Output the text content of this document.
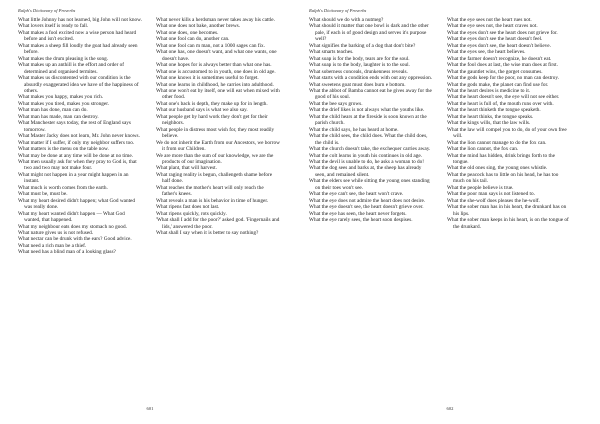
Ralph's Dictionary of Proverbs

What little Johnny has not learned, big John will not know.

What lovers itself is ready to fall.

What makes a fool excited now a wise person had heard before and isn't excited.

What makes a sheep fill loudly the goat had already seen before.

What makes the drum pleasing is the song.

What makes up an anthill is the effort and order of determined and organised termites.

What makes us discontented with our condition is the absurdly exaggerated idea we have of the happiness of others.

What makes you happy, makes you rich.

What makes you tired, makes you stronger.

What man has done, man can do.

What man has made, man can destroy.

What Manchester says today, the rest of England says tomorrow.

What Master Jacky does not learn, Mr. John never knows.

What matter if I suffer, if only my neighbor suffers too.

What matters is the menu on the table now.

What may be done at any time will be done at no time.

What men usually ask for when they pray to God is, that two and two may not make four.

What might not happen in a year might happen in an instant.

What much is worth comes from the earth.

What must be, must be.

What my heart desired didn't happen; what God wanted was really done.

What my heart wanted didn't happen — What God wanted, that happened.

What my neighbour eats does my stomach no good.

What nature gives us is not refused.

What nectar can be drunk with the ears? Good advice.

What need a rich man be a thief.

What need has a blind man of a looking glass?

What never kills a herdsman never takes away his cattle.

What one does not bake, another brews.

What one does, one becomes.

What one fool can do, another can.

What one fool can m man, not a 1000 sages can fix.

What one has, one doesn't want, and what one wants, one doesn't have.

What one hopes for is always better than what one has.

What one is accustomed to in youth, one does in old age.

What one knows it is sometimes useful to forget.

What one learns in childhood, he carries into adulthood.

What one won't eat by itself, one will eat when mixed with other food.

What one's back is depth, they make up for in length.

What our husband says is what we also say.

What people get by hard work they don't get for their neighbors.

What people in distress most wish for, they most readily believe.

We do not inherit the Earth from our Ancestors, we borrow it from our Children.

We are more than the sum of our knowledge, we are the products of our imagination.

What plant, that will harvest.

What raging reality is begun, challengeth shame before half done.

What reaches the mother's heart will only reach the father's knees.

What reveals a man is his behavior in time of hunger.

What ripens fast does not last.

What ripens quickly, rots quickly.

'What shall I add for the poor?' asked god. 'Fingernails and lids,' answered the poor.

What shall I say when it is better to say nothing?

601
Ralph's Dictionary of Proverbs

What should we do with a nutmeg?

What should it matter that one bowl is dark and the other pale, if each is of good design and serves it's purpose well?

What signifies the barking of a dog that don't bite?

What smarts teaches.

What soap is for the body, tears are for the soul.

What soap is to the body, laughter is to the soul.

What soberness conceals, drunkenness reveals.

What starts with a condition ends with out any oppression.

What sweetens goat must does burn e bottom.

What the abbot of Bamba cannot eat he gives away for the good of his soul.

What the bee says grows.

What the drief likes is not always what the youths like.

What the child hears at the fireside is soon known at the parish church.

What the child says, he has heard at home.

What the child sees, the child does. What the child does, the child is.

What the church doesn't take, the exchequer carries away.

What the colt learns in youth his continues in old age.

What the devil is unable to do, he asks a woman to do!

What the dog sees and barks at, the sheep has already seen, and remained silent.

What the elders see while sitting the young ones standing on their toes won't see.

What the eye can't see, the heart won't crave.

What the eye does not admire the heart does not desire.

What the eye doesn't see, the heart doesn't grieve over.

What the eye has seen, the heart never forgets.

What the eye rarely sees, the heart soon despises.

What the eye sees not the heart rues not.

What the eye sees not, the heart craves not.

What the eyes don't see the heart does not grieve for.

What the eyes don't see the heart doesn't feel.

What the eyes don't see, the heart doesn't believe.

What the eyes see, the heart believes.

What the farmer doesn't recognize, he doesn't eat.

What the fool does at last, the wise man does at first.

What the gauntlet wins, the gorget consumes.

What the gods keep for the poor, no man can destroy.

What the gods make, the planet can find use for.

What the heart desires is medicine to it.

What the heart doesn't see, the eye will not see either.

What the heart is full of, the mouth runs over with.

What the heart thinketh the tongue speaketh.

What the heart thinks, the tongue speaks.

What the kings wills, that the law wills.

What the law will compel you to do, do of your own free will.

What the lion cannot manage to do the fox can.

What the lion cannot, the fox can.

What the mind has hidden, drink brings forth to the tongue.

What the old ones sing, the young ones whistle.

What the peacock has to little on his head, he has too much on his tail.

What the people believe is true.

What the poor man says is not listened to.

What the she-wolf does pleases the he-wolf.

What the sober man has in his heart, the drunkard has on his lips.

What the sober man keeps in his heart, is on the tongue of the drunkard.

602
